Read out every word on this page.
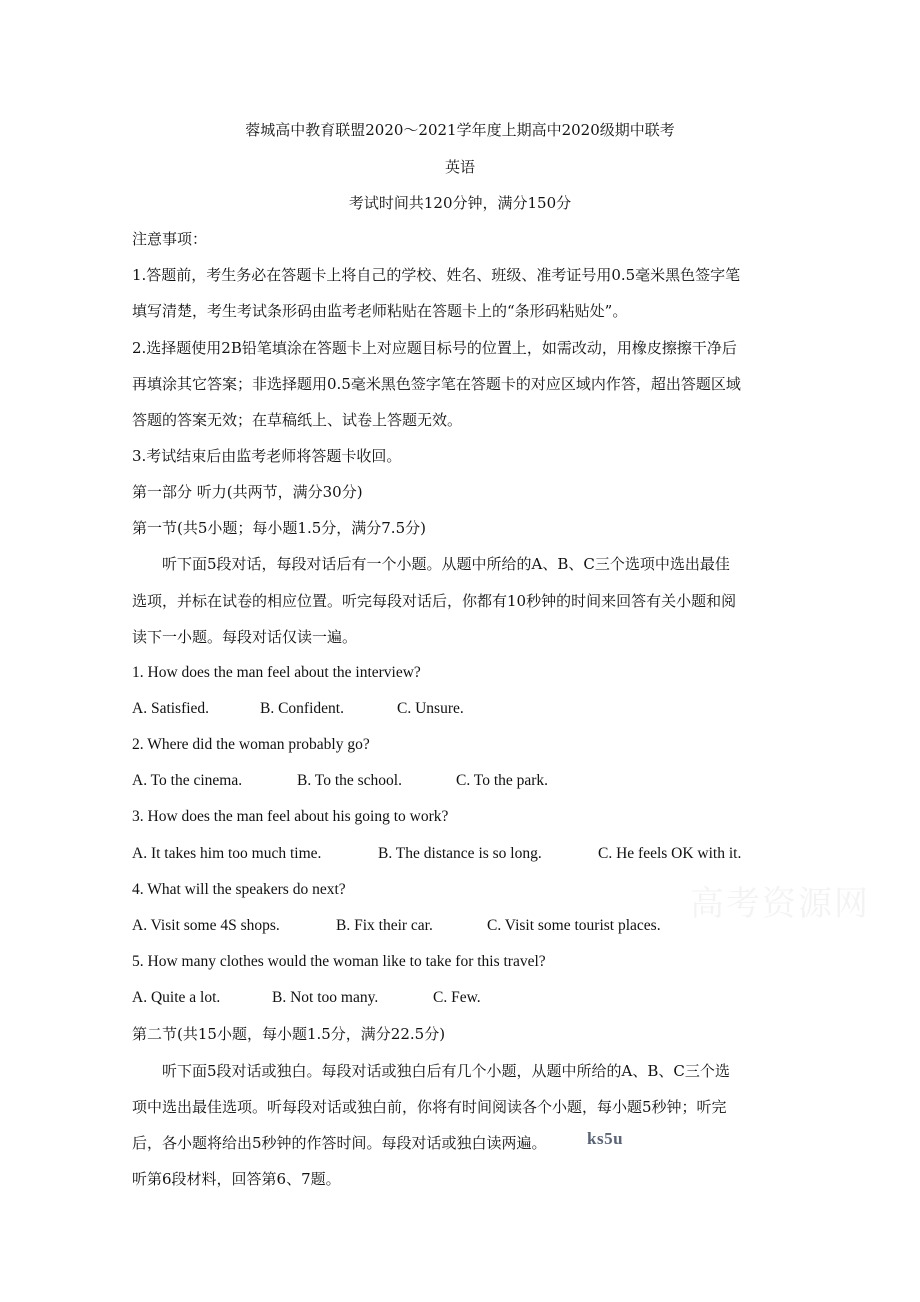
蓉城高中教育联盟2020～2021学年度上期高中2020级期中联考
英语
考试时间共120分钟，满分150分
注意事项：
1.答题前，考生务必在答题卡上将自己的学校、姓名、班级、准考证号用0.5毫米黑色签字笔
填写清楚，考生考试条形码由监考老师粘贴在答题卡上的“条形码粘贴处”。
2.选择题使用2B铅笔填涂在答题卡上对应题目标号的位置上，如需改动，用橡皮擦擦干净后
再填涂其它答案；非选择题用0.5毫米黑色签字笔在答题卡的对应区域内作答，超出答题区域
答题的答案无效；在草稿纸上、试卷上答题无效。
3.考试结束后由监考老师将答题卡收回。
第一部分 听力(共两节，满分30分)
第一节(共5小题；每小题1.5分，满分7.5分)
听下面5段对话，每段对话后有一个小题。从题中所给的A、B、C三个选项中选出最佳
选项，并标在试卷的相应位置。听完每段对话后，你都有10秒钟的时间来回答有关小题和阅
读下一小题。每段对话仅读一遍。
1. How does the man feel about the interview?
A. Satisfied.	B. Confident.	C. Unsure.
2. Where did the woman probably go?
A. To the cinema.	B. To the school.	C. To the park.
3. How does the man feel about his going to work?
A. It takes him too much time.	B. The distance is so long.	C. He feels OK with it.
4. What will the speakers do next?
A. Visit some 4S shops.	B. Fix their car.	C. Visit some tourist places.
5. How many clothes would the woman like to take for this travel?
A. Quite a lot.	B. Not too many.	C. Few.
第二节(共15小题，每小题1.5分，满分22.5分)
听下面5段对话或独白。每段对话或独白后有几个小题，从题中所给的A、B、C三个选
项中选出最佳选项。听每段对话或独白前，你将有时间阅读各个小题，每小题5秒钟；听完
后，各小题将给出5秒钟的作答时间。每段对话或独白读两遍。 ks5u
听第6段材料，回答第6、7题。
高考资源网
